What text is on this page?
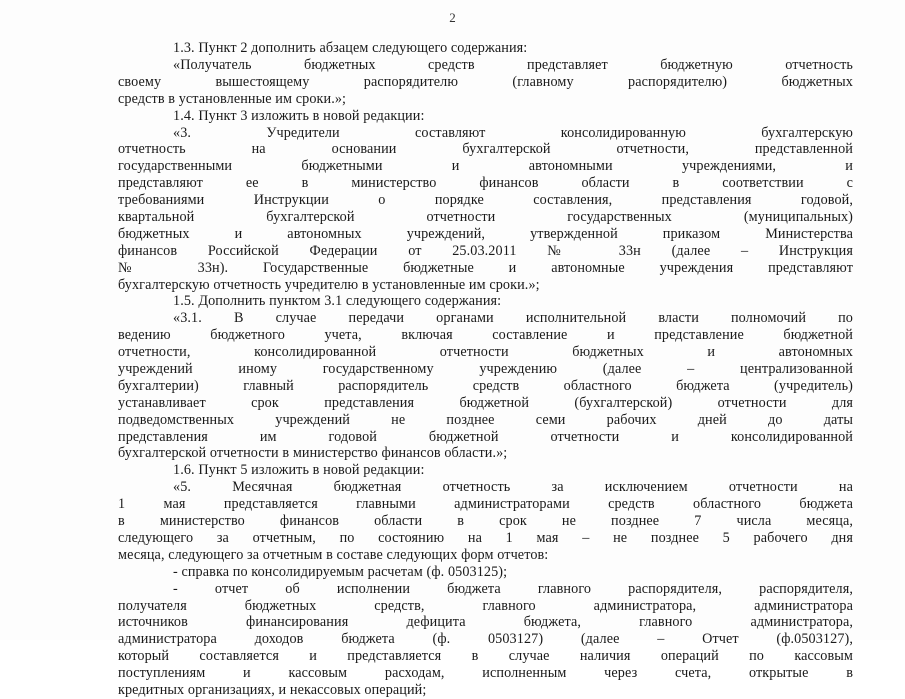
2
1.3. Пункт 2 дополнить абзацем следующего содержания:
«Получатель бюджетных средств представляет бюджетную отчетность
своему вышестоящему распорядителю (главному распорядителю) бюджетных
средств в установленные им сроки.»;
1.4. Пункт 3 изложить в новой редакции:
«3. Учредители составляют консолидированную бухгалтерскую
отчетность на основании бухгалтерской отчетности, представленной
государственными бюджетными и автономными учреждениями, и
представляют ее в министерство финансов области в соответствии с
требованиями Инструкции о порядке составления, представления годовой,
квартальной бухгалтерской отчетности государственных (муниципальных)
бюджетных и автономных учреждений, утвержденной приказом Министерства
финансов Российской Федерации от 25.03.2011 № 33н (далее – Инструкция
№ 33н). Государственные бюджетные и автономные учреждения представляют
бухгалтерскую отчетность учредителю в установленные им сроки.»;
1.5. Дополнить пунктом 3.1 следующего содержания:
«3.1. В случае передачи органами исполнительной власти полномочий по
ведению бюджетного учета, включая составление и представление бюджетной
отчетности, консолидированной отчетности бюджетных и автономных
учреждений иному государственному учреждению (далее – централизованной
бухгалтерии) главный распорядитель средств областного бюджета (учредитель)
устанавливает срок представления бюджетной (бухгалтерской) отчетности для
подведомственных учреждений не позднее семи рабочих дней до даты
представления им годовой бюджетной отчетности и консолидированной
бухгалтерской отчетности в министерство финансов области.»;
1.6. Пункт 5 изложить в новой редакции:
«5. Месячная бюджетная отчетность за исключением отчетности на
1 мая представляется главными администраторами средств областного бюджета
в министерство финансов области в срок не позднее 7 числа месяца,
следующего за отчетным, по состоянию на 1 мая – не позднее 5 рабочего дня
месяца, следующего за отчетным в составе следующих форм отчетов:
- справка по консолидируемым расчетам (ф. 0503125);
- отчет об исполнении бюджета главного распорядителя, распорядителя,
получателя бюджетных средств, главного администратора, администратора
источников финансирования дефицита бюджета, главного администратора,
администратора доходов бюджета (ф. 0503127) (далее – Отчет (ф.0503127),
который составляется и представляется в случае наличия операций по кассовым
поступлениям и кассовым расходам, исполненным через счета, открытые в
кредитных организациях, и некассовых операций;
